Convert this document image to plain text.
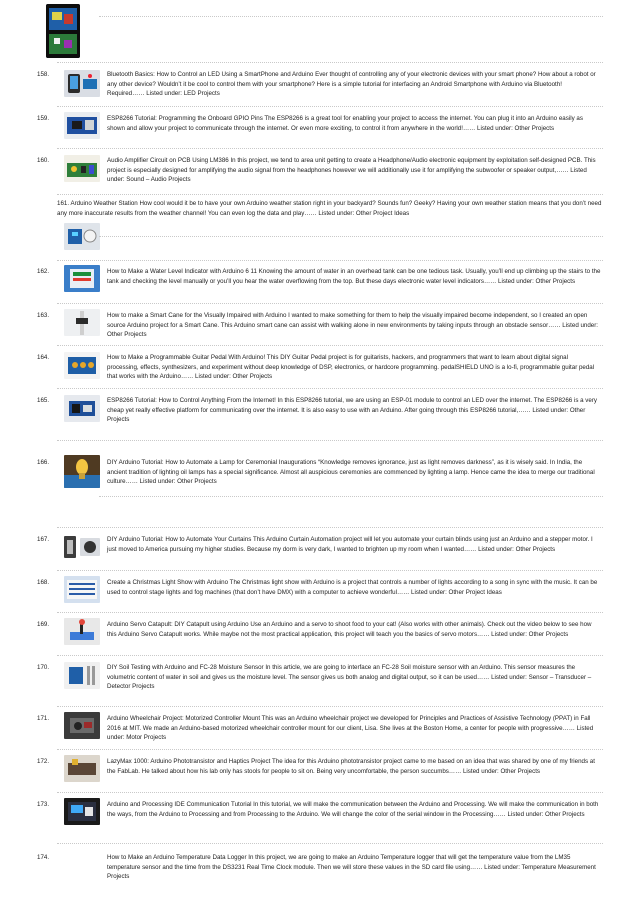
158.	Bluetooth Basics: How to Control an LED Using a SmartPhone and Arduino Ever thought of controlling any of your electronic devices with your smart phone? How about a robot or any other device? Wouldn’t it be cool to control them with your smartphone? Here is a simple tutorial for interfacing an Android Smartphone with Arduino via Bluetooth! Required…… Listed under: LED Projects
159.	ESP8266 Tutorial: Programming the Onboard GPIO Pins The ESP8266 is a great tool for enabling your project to access the internet. You can plug it into an Arduino easily as shown and allow your project to communicate through the internet. Or even more exciting, to control it from anywhere in the world!…… Listed under: Other Projects
160.	Audio Amplifier Circuit on PCB Using LM386 In this project, we tend to area unit getting to create a Headphone/Audio electronic equipment by exploitation self-designed PCB. This project is especially designed for amplifying the audio signal from the headphones however we will additionally use it for amplifying the subwoofer or speaker output,…… Listed under: Sound – Audio Projects
161. Arduino Weather Station How cool would it be to have your own Arduino weather station right in your backyard? Sounds fun? Geeky? Having your own weather station means that you don’t need any more inaccurate results from the weather channel! You can even log the data and play…… Listed under: Other Project Ideas
162.	How to Make a Water Level Indicator with Arduino 6 11 Knowing the amount of water in an overhead tank can be one tedious task. Usually, you’ll end up climbing up the stairs to the tank and checking the level manually or you’ll you hear the water overflowing from the top. But these days electronic water level indicators…… Listed under: Other Projects
163.	How to make a Smart Cane for the Visually Impaired with Arduino I wanted to make something for them to help the visually impaired become independent, so I created an open source Arduino project for a Smart Cane. This Arduino smart cane can assist with walking alone in new environments by taking inputs through an obstacle sensor…… Listed under: Other Projects
164.	How to Make a Programmable Guitar Pedal With Arduino! This DIY Guitar Pedal project is for guitarists, hackers, and programmers that want to learn about digital signal processing, effects, synthesizers, and experiment without deep knowledge of DSP, electronics, or hardcore programming. pedalSHIELD UNO is a lo-fi, programmable guitar pedal that works with the Arduino…… Listed under: Other Projects
165.	ESP8266 Tutorial: How to Control Anything From the Internet! In this ESP8266 tutorial, we are using an ESP-01 module to control an LED over the internet. The ESP8266 is a very cheap yet really effective platform for communicating over the internet. It is also easy to use with an Arduino. After going through this ESP8266 tutorial,…… Listed under: Other Projects
166.	DIY Arduino Tutorial: How to Automate a Lamp for Ceremonial Inaugurations “Knowledge removes ignorance, just as light removes darkness”, as it is wisely said. In India, the ancient tradition of lighting oil lamps has a special significance. Almost all auspicious ceremonies are commenced by lighting a lamp. Hence came the idea to merge our traditional culture…… Listed under: Other Projects
167.	DIY Arduino Tutorial: How to Automate Your Curtains This Arduino Curtain Automation project will let you automate your curtain blinds using just an Arduino and a stepper motor. I just moved to America pursuing my higher studies. Because my dorm is very dark, I wanted to brighten up my room when I wanted…… Listed under: Other Projects
168.	Create a Christmas Light Show with Arduino The Christmas light show with Arduino is a project that controls a number of lights according to a song in sync with the music. It can be used to control stage lights and fog machines (that don’t have DMX) with a computer to achieve wonderful…… Listed under: Other Project Ideas
169.	Arduino Servo Catapult: DIY Catapult using Arduino Use an Arduino and a servo to shoot food to your cat! (Also works with other animals). Check out the video below to see how this Arduino Servo Catapult works. While maybe not the most practical application, this project will teach you the basics of servo motors…… Listed under: Other Projects
170.	DIY Soil Testing with Arduino and FC-28 Moisture Sensor In this article, we are going to interface an FC-28 Soil moisture sensor with an Arduino. This sensor measures the volumetric content of water in soil and gives us the moisture level. The sensor gives us both analog and digital output, so it can be used…… Listed under: Sensor – Transducer – Detector Projects
171.	Arduino Wheelchair Project: Motorized Controller Mount This was an Arduino wheelchair project we developed for Principles and Practices of Assistive Technology (PPAT) in Fall 2016 at MIT. We made an Arduino-based motorized wheelchair controller mount for our client, Lisa. She lives at the Boston Home, a center for people with progressive…… Listed under: Motor Projects
172.	LazyMax 1000: Arduino Phototransistor and Haptics Project The idea for this Arduino phototransistor project came to me based on an idea that was shared by one of my friends at the FabLab. He talked about how his lab only has stools for people to sit on. Being very uncomfortable, the person succumbs…… Listed under: Other Projects
173.	Arduino and Processing IDE Communication Tutorial In this tutorial, we will make the communication between the Arduino and Processing. We will make the communication in both the ways, from the Arduino to Processing and from Processing to the Arduino. We will change the color of the serial window in the Processing…… Listed under: Other Projects
174.	How to Make an Arduino Temperature Data Logger In this project, we are going to make an Arduino Temperature logger that will get the temperature value from the LM35 temperature sensor and the time from the DS3231 Real Time Clock module. Then we will store these values in the SD card file using…… Listed under: Temperature Measurement Projects
